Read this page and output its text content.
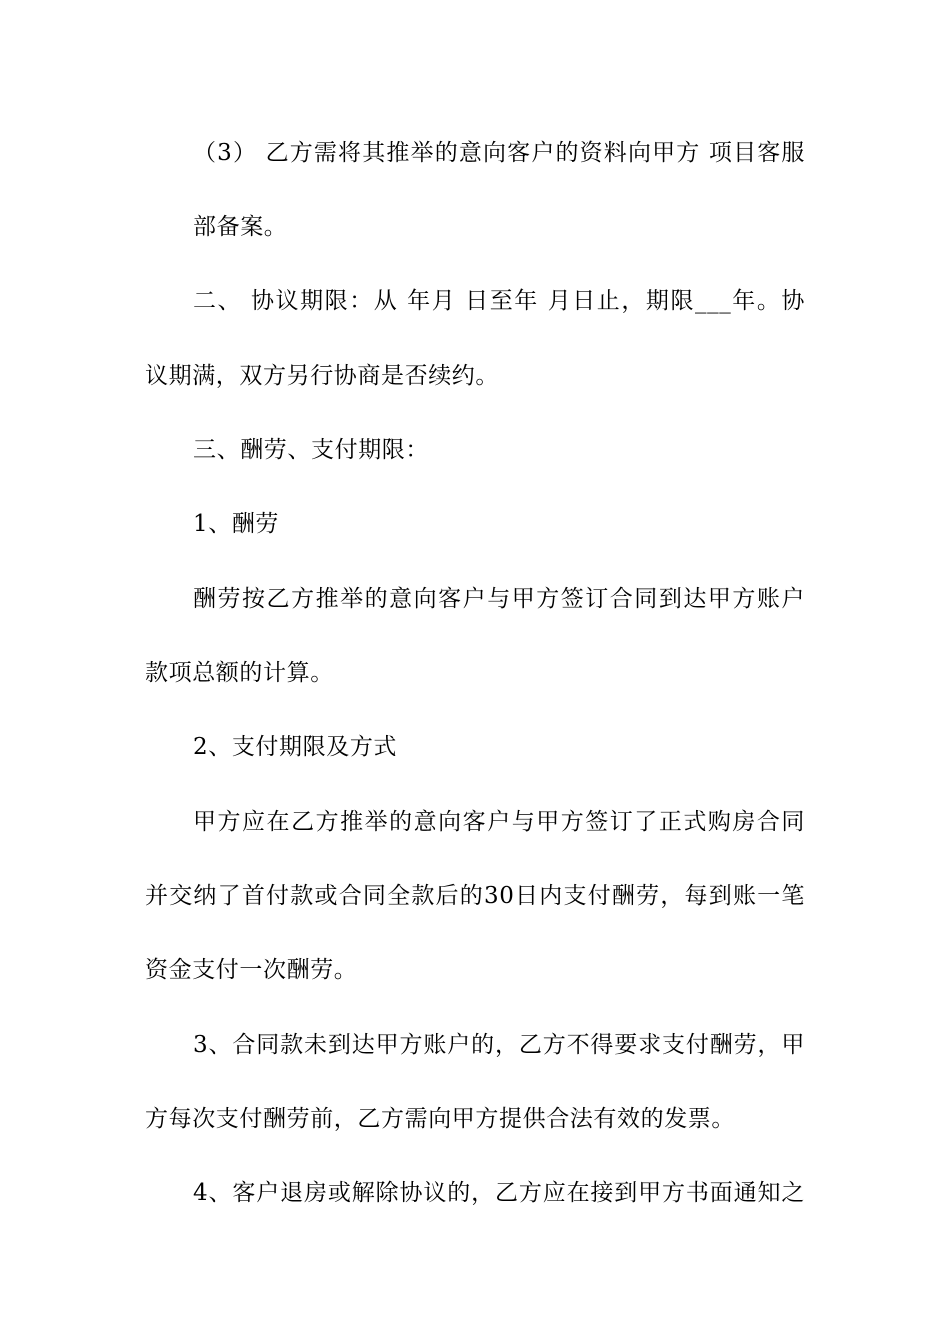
（3） 乙方需将其推举的意向客户的资料向甲方 项目客服
部备案。
二、 协议期限：从 年月 日至年 月日止，期限___年。协
议期满，双方另行协商是否续约。
三、酬劳、支付期限：
1、酬劳
酬劳按乙方推举的意向客户与甲方签订合同到达甲方账户
款项总额的计算。
2、支付期限及方式
甲方应在乙方推举的意向客户与甲方签订了正式购房合同
并交纳了首付款或合同全款后的30日内支付酬劳，每到账一笔
资金支付一次酬劳。
3、合同款未到达甲方账户的，乙方不得要求支付酬劳，甲
方每次支付酬劳前，乙方需向甲方提供合法有效的发票。
4、客户退房或解除协议的，乙方应在接到甲方书面通知之
